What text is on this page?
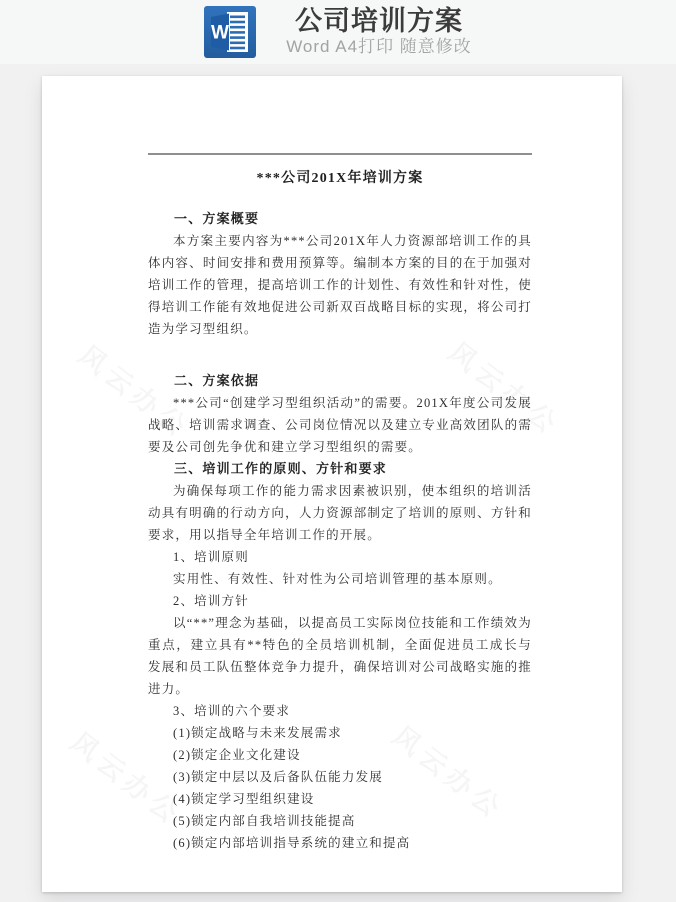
W 公司培训方案
Word A4打印 随意修改
风云办公	风云办公
风云办公	风云办公
***公司201X年培训方案
一、方案概要

本方案主要内容为***公司201X年人力资源部培训工作的具体内容、时间安排和费用预算等。编制本方案的目的在于加强对培训工作的管理，提高培训工作的计划性、有效性和针对性，使得培训工作能有效地促进公司新双百战略目标的实现，将公司打造为学习型组织。

二、方案依据

***公司“创建学习型组织活动”的需要。201X年度公司发展战略、培训需求调查、公司岗位情况以及建立专业高效团队的需要及公司创先争优和建立学习型组织的需要。

三、培训工作的原则、方针和要求

为确保每项工作的能力需求因素被识别，使本组织的培训活动具有明确的行动方向，人力资源部制定了培训的原则、方针和要求，用以指导全年培训工作的开展。

1、培训原则
实用性、有效性、针对性为公司培训管理的基本原则。
2、培训方针

以“**”理念为基础，以提高员工实际岗位技能和工作绩效为重点，建立具有**特色的全员培训机制，全面促进员工成长与发展和员工队伍整体竞争力提升，确保培训对公司战略实施的推进力。

3、培训的六个要求
(1)锁定战略与未来发展需求
(2)锁定企业文化建设
(3)锁定中层以及后备队伍能力发展
(4)锁定学习型组织建设
(5)锁定内部自我培训技能提高
(6)锁定内部培训指导系统的建立和提高
